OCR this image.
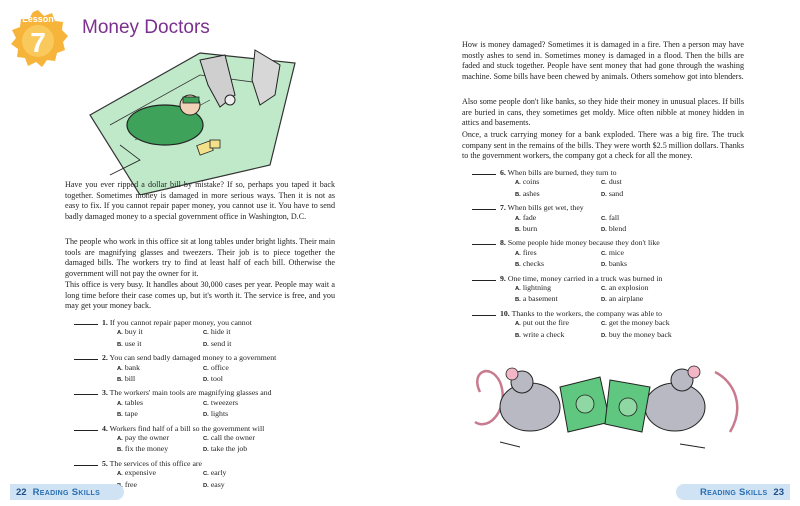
Lesson
7 Money Doctors

Have you ever ripped a dollar bill by mistake? If so, perhaps you taped it back together. Sometimes money is damaged in more serious ways. Then it is not as easy to fix. If you cannot repair paper money, you cannot use it. You have to send badly damaged money to a special government office in Washington, D.C.

The people who work in this office sit at long tables under bright lights. Their main tools are magnifying glasses and tweezers. Their job is to piece together the damaged bills. The workers try to find at least half of each bill. Otherwise the government will not pay the owner for it.

This office is very busy. It handles about 30,000 cases per year. People may wait a long time before their case comes up, but it's worth it. The service is free, and you may get your money back.

1. If you cannot repair paper money, you cannot
A. buy it	C. hide it
B. use it	D. send it
2. You can send badly damaged money to a government
A. bank	C. office
B. bill	D. tool
3. The workers' main tools are magnifying glasses and
A. tables	C. tweezers
B. tape	D. lights
4. Workers find half of a bill so the government will
A. pay the owner	C. call the owner
B. fix the money	D. take the job
5. The services of this office are
A. expensive	C. early
free	D. easy
22 Reading Skills

How is money damaged? Sometimes it is damaged in a fire. Then a person may have mostly ashes to send in. Sometimes money is damaged in a flood. Then the bills are faded and stuck together. People have sent money that had gone through the washing machine. Some bills have been chewed by animals. Others somehow got into blenders.

Also some people don't like banks, so they hide their money in unusual places. If bills are buried in cans, they sometimes get moldy. Mice often nibble at money hidden in attics and basements.

Once, a truck carrying money for a bank exploded. There was a big fire. The truck company sent in the remains of the bills. They were worth $2.5 million dollars. Thanks to the government workers, the company got a check for all the money.

6. When bills are burned, they turn to
A. coins	C. dust
B. ashes	D. sand
7. When bills get wet, they
A. fade	C. fall
B. burn	D. blend
8. Some people hide money because they don't like
A. fires	C. mice
B. checks	D. banks
9. One time, money carried in a truck was burned in
A. lightning	C. an explosion
B. a basement	D. an airplane
10. Thanks to the workers, the company was able to
A. put out the fire	C. get the money back
B. write a check	D. buy the money back
Reading Skills 23
